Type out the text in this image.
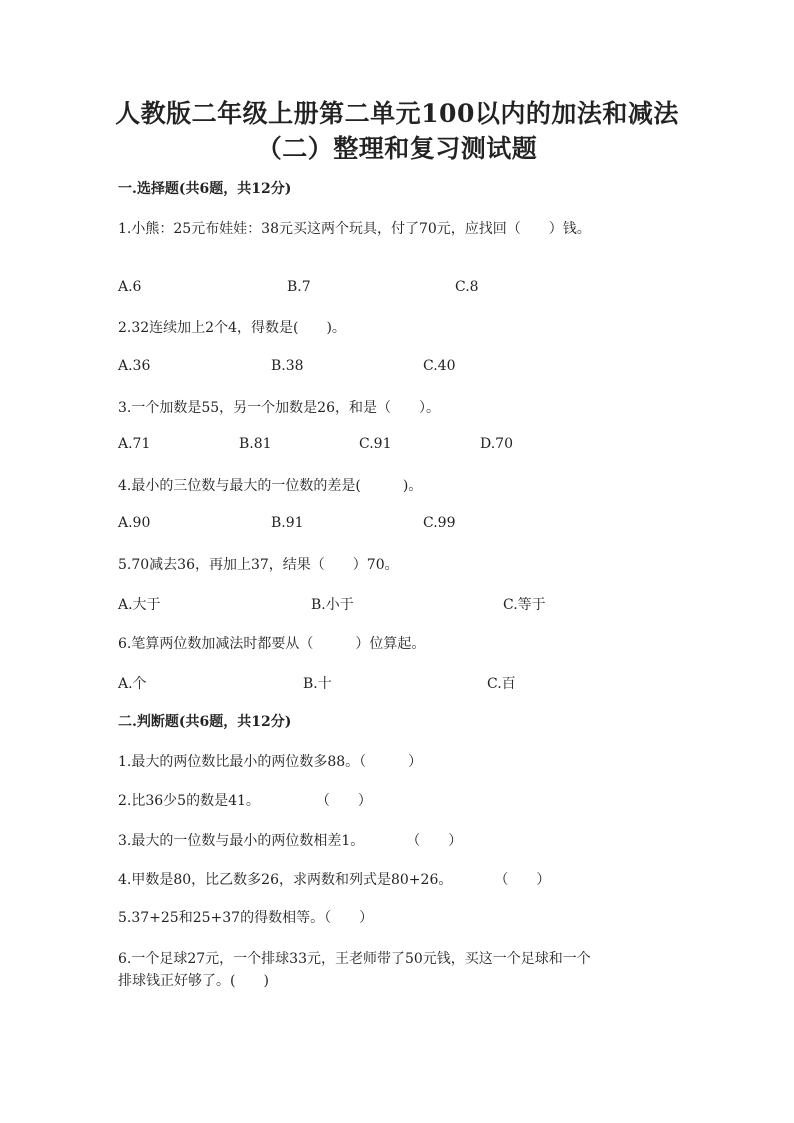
人教版二年级上册第二单元100以内的加法和减法
（二）整理和复习测试题
一.选择题(共6题，共12分)
1.小熊：25元布娃娃：38元买这两个玩具，付了70元，应找回（　　）钱。
A.6	B.7	C.8
2.32连续加上2个4，得数是(　　)。
A.36	B.38	C.40
3.一个加数是55，另一个加数是26，和是（　　）。
A.71	B.81	C.91	D.70
4.最小的三位数与最大的一位数的差是(　　　)。
A.90	B.91	C.99
5.70减去36，再加上37，结果（　　）70。
A.大于	B.小于	C.等于
6.笔算两位数加减法时都要从（　　　）位算起。
A.个	B.十	C.百
二.判断题(共6题，共12分)
1.最大的两位数比最小的两位数多88。（　　　）
2.比36少5的数是41。　　　　　（　　）
3.最大的一位数与最小的两位数相差1。　　　　（　　）
4.甲数是80，比乙数多26，求两数和列式是80+26。　　　　（　　）
5.37+25和25+37的得数相等。（　　）
6.一个足球27元，一个排球33元，王老师带了50元钱，买这一个足球和一个
排球钱正好够了。(　　)
